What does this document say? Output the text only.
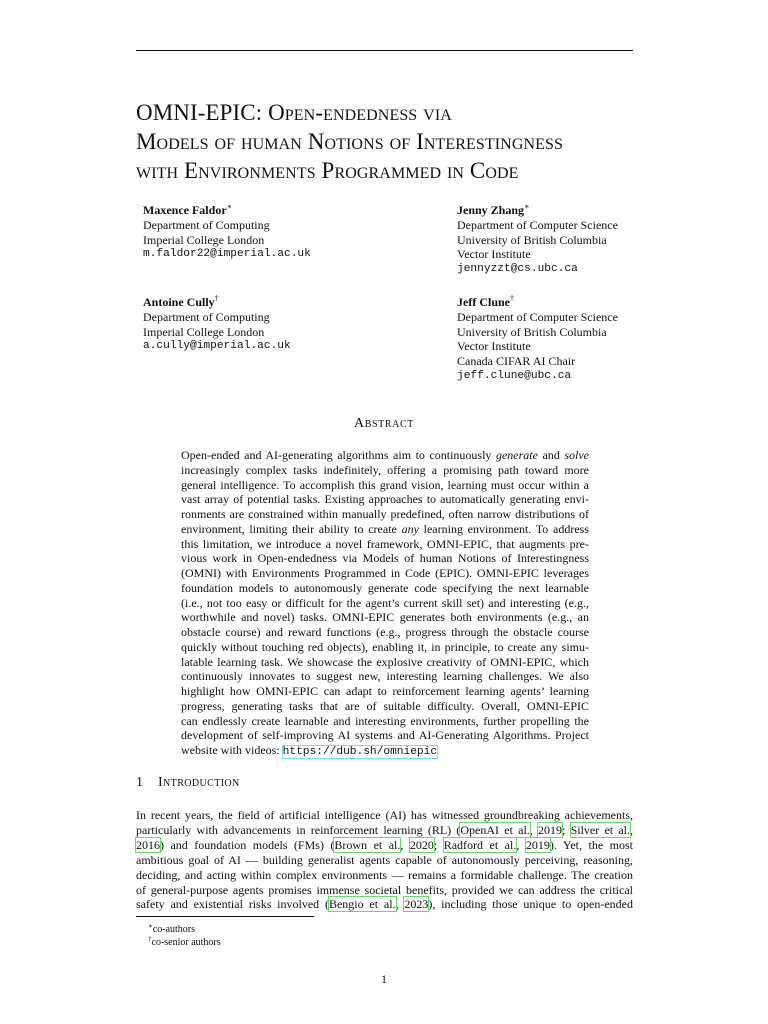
OMNI-EPIC: Open-endedness via
Models of human Notions of Interestingness
with Environments Programmed in Code
Maxence Faldor∗
Department of Computing
Imperial College London
m.faldor22@imperial.ac.uk
Jenny Zhang∗
Department of Computer Science
University of British Columbia
Vector Institute
jennyzzt@cs.ubc.ca
Antoine Cully†
Department of Computing
Imperial College London
a.cully@imperial.ac.uk
Jeff Clune†
Department of Computer Science
University of British Columbia
Vector Institute
Canada CIFAR AI Chair
jeff.clune@ubc.ca
Abstract
Open-ended and AI-generating algorithms aim to continuously generate and solve
increasingly complex tasks indefinitely, offering a promising path toward more
general intelligence. To accomplish this grand vision, learning must occur within a
vast array of potential tasks. Existing approaches to automatically generating envi-
ronments are constrained within manually predefined, often narrow distributions of
environment, limiting their ability to create any learning environment. To address
this limitation, we introduce a novel framework, OMNI-EPIC, that augments pre-
vious work in Open-endedness via Models of human Notions of Interestingness
(OMNI) with Environments Programmed in Code (EPIC). OMNI-EPIC leverages
foundation models to autonomously generate code specifying the next learnable
(i.e., not too easy or difficult for the agent’s current skill set) and interesting (e.g.,
worthwhile and novel) tasks. OMNI-EPIC generates both environments (e.g., an
obstacle course) and reward functions (e.g., progress through the obstacle course
quickly without touching red objects), enabling it, in principle, to create any simu-
latable learning task. We showcase the explosive creativity of OMNI-EPIC, which
continuously innovates to suggest new, interesting learning challenges. We also
highlight how OMNI-EPIC can adapt to reinforcement learning agents’ learning
progress, generating tasks that are of suitable difficulty. Overall, OMNI-EPIC
can endlessly create learnable and interesting environments, further propelling the
development of self-improving AI systems and AI-Generating Algorithms. Project
website with videos: https://dub.sh/omniepic
1 Introduction
In recent years, the field of artificial intelligence (AI) has witnessed groundbreaking achievements,
particularly with advancements in reinforcement learning (RL) (OpenAI et al., 2019; Silver et al.,
2016) and foundation models (FMs) (Brown et al., 2020; Radford et al., 2019). Yet, the most
ambitious goal of AI — building generalist agents capable of autonomously perceiving, reasoning,
deciding, and acting within complex environments — remains a formidable challenge. The creation
of general-purpose agents promises immense societal benefits, provided we can address the critical
safety and existential risks involved (Bengio et al., 2023), including those unique to open-ended
∗co-authors
†co-senior authors
1
